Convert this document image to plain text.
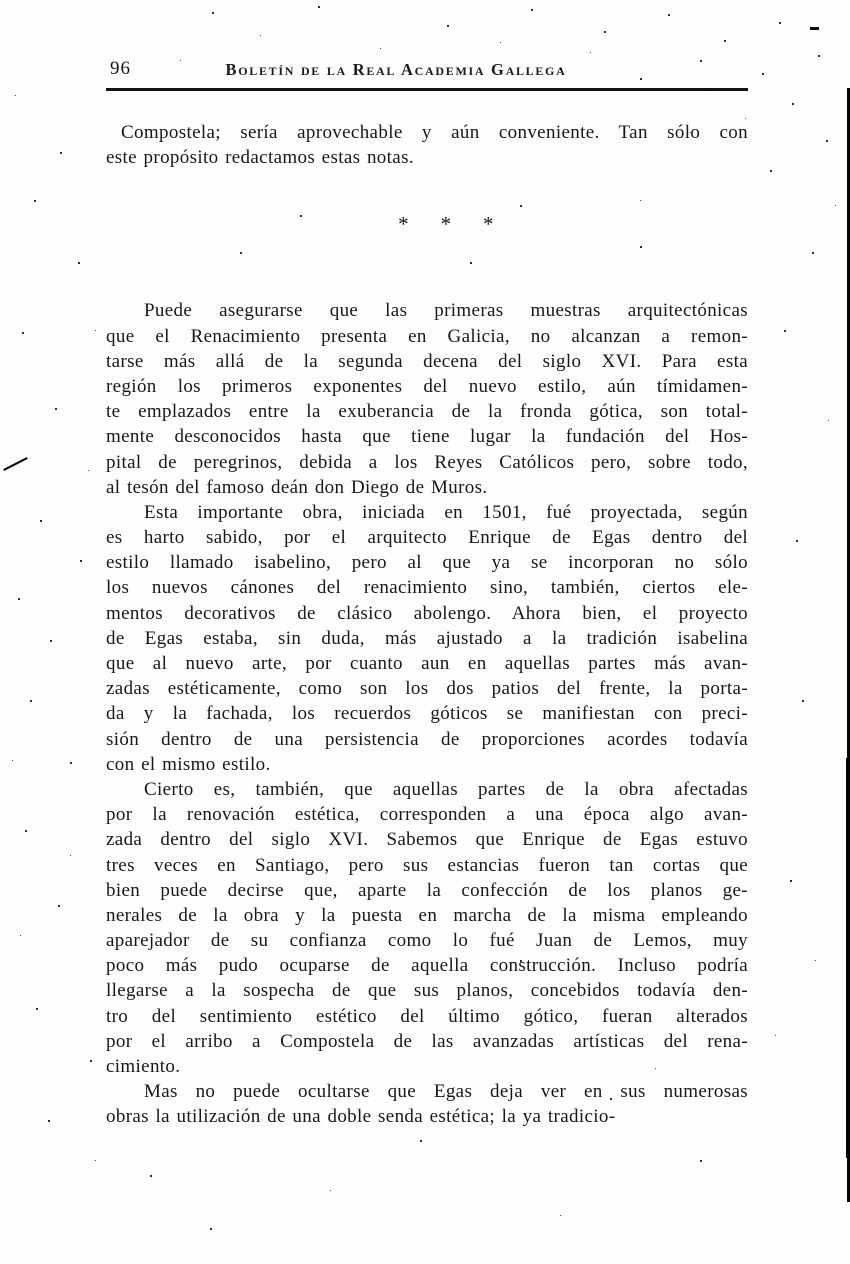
96	Boletín de la Real Academia Gallega
Compostela; sería aprovechable y aún conveniente. Tan sólo con
este propósito redactamos estas notas.
* * *
Puede asegurarse que las primeras muestras arquitectónicas
que el Renacimiento presenta en Galicia, no alcanzan a remon-
tarse más allá de la segunda decena del siglo XVI. Para esta
región los primeros exponentes del nuevo estilo, aún tímidamen-
te emplazados entre la exuberancia de la fronda gótica, son total-
mente desconocidos hasta que tiene lugar la fundación del Hos-
pital de peregrinos, debida a los Reyes Católicos pero, sobre todo,
al tesón del famoso deán don Diego de Muros.
Esta importante obra, iniciada en 1501, fué proyectada, según
es harto sabido, por el arquitecto Enrique de Egas dentro del
estilo llamado isabelino, pero al que ya se incorporan no sólo
los nuevos cánones del renacimiento sino, también, ciertos ele-
mentos decorativos de clásico abolengo. Ahora bien, el proyecto
de Egas estaba, sin duda, más ajustado a la tradición isabelina
que al nuevo arte, por cuanto aun en aquellas partes más avan-
zadas estéticamente, como son los dos patios del frente, la porta-
da y la fachada, los recuerdos góticos se manifiestan con preci-
sión dentro de una persistencia de proporciones acordes todavía
con el mismo estilo.
Cierto es, también, que aquellas partes de la obra afectadas
por la renovación estética, corresponden a una época algo avan-
zada dentro del siglo XVI. Sabemos que Enrique de Egas estuvo
tres veces en Santiago, pero sus estancias fueron tan cortas que
bien puede decirse que, aparte la confección de los planos ge-
nerales de la obra y la puesta en marcha de la misma empleando
aparejador de su confianza como lo fué Juan de Lemos, muy
poco más pudo ocuparse de aquella construcción. Incluso podría
llegarse a la sospecha de que sus planos, concebidos todavía den-
tro del sentimiento estético del último gótico, fueran alterados
por el arribo a Compostela de las avanzadas artísticas del rena-
cimiento.
Mas no puede ocultarse que Egas deja ver en sus numerosas
obras la utilización de una doble senda estética; la ya tradicio-
